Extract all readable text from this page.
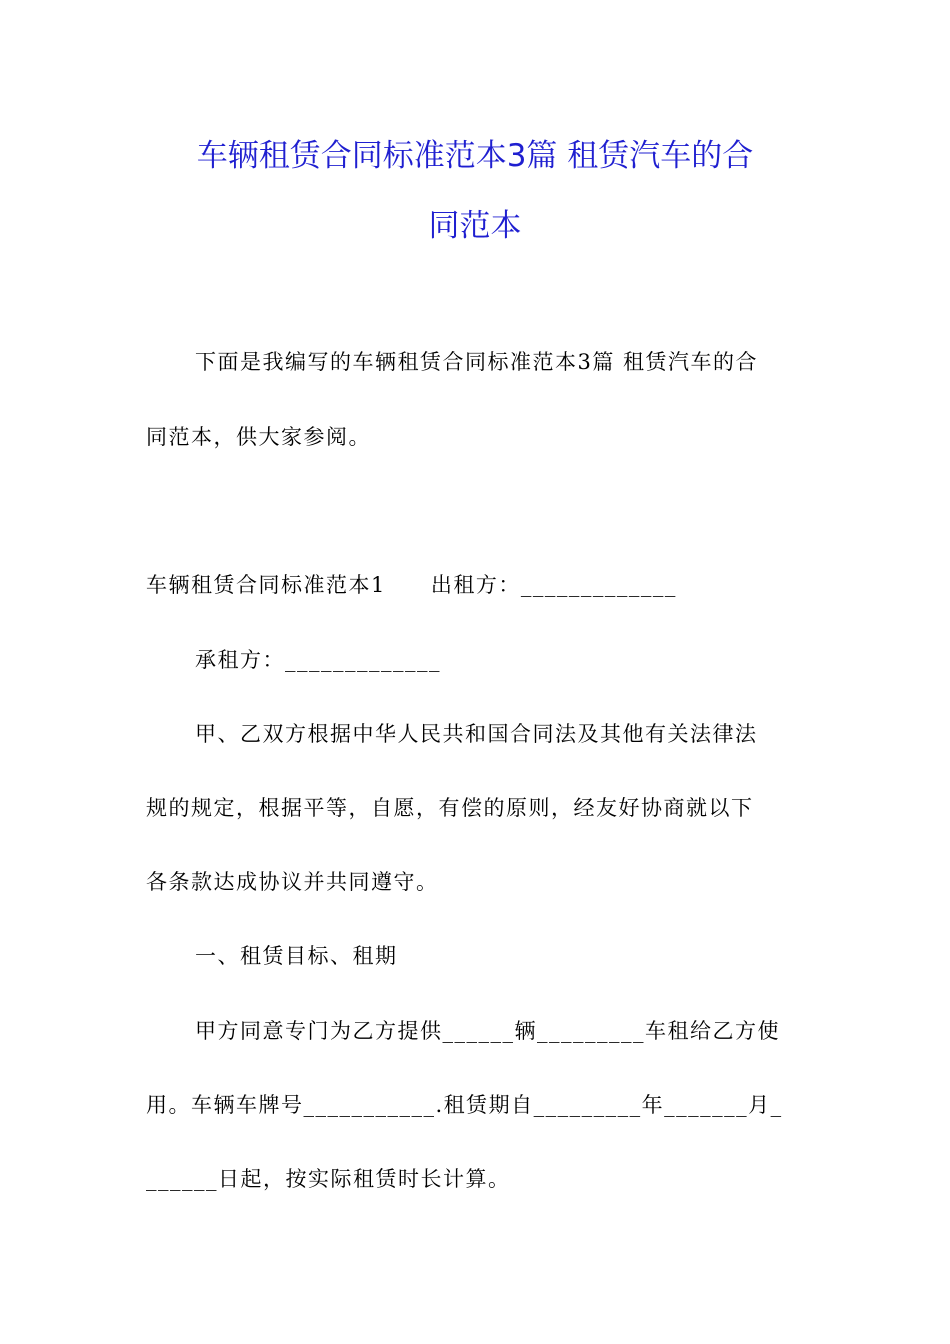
车辆租赁合同标准范本3篇 租赁汽车的合
同范本
下面是我编写的车辆租赁合同标准范本3篇 租赁汽车的合
同范本，供大家参阅。
车辆租赁合同标准范本1　　出租方：_____________
承租方：_____________
甲、乙双方根据中华人民共和国合同法及其他有关法律法
规的规定，根据平等，自愿，有偿的原则，经友好协商就以下
各条款达成协议并共同遵守。
一、租赁目标、租期
甲方同意专门为乙方提供______辆_________车租给乙方使
用。车辆车牌号___________.租赁期自_________年_______月_
______日起，按实际租赁时长计算。
